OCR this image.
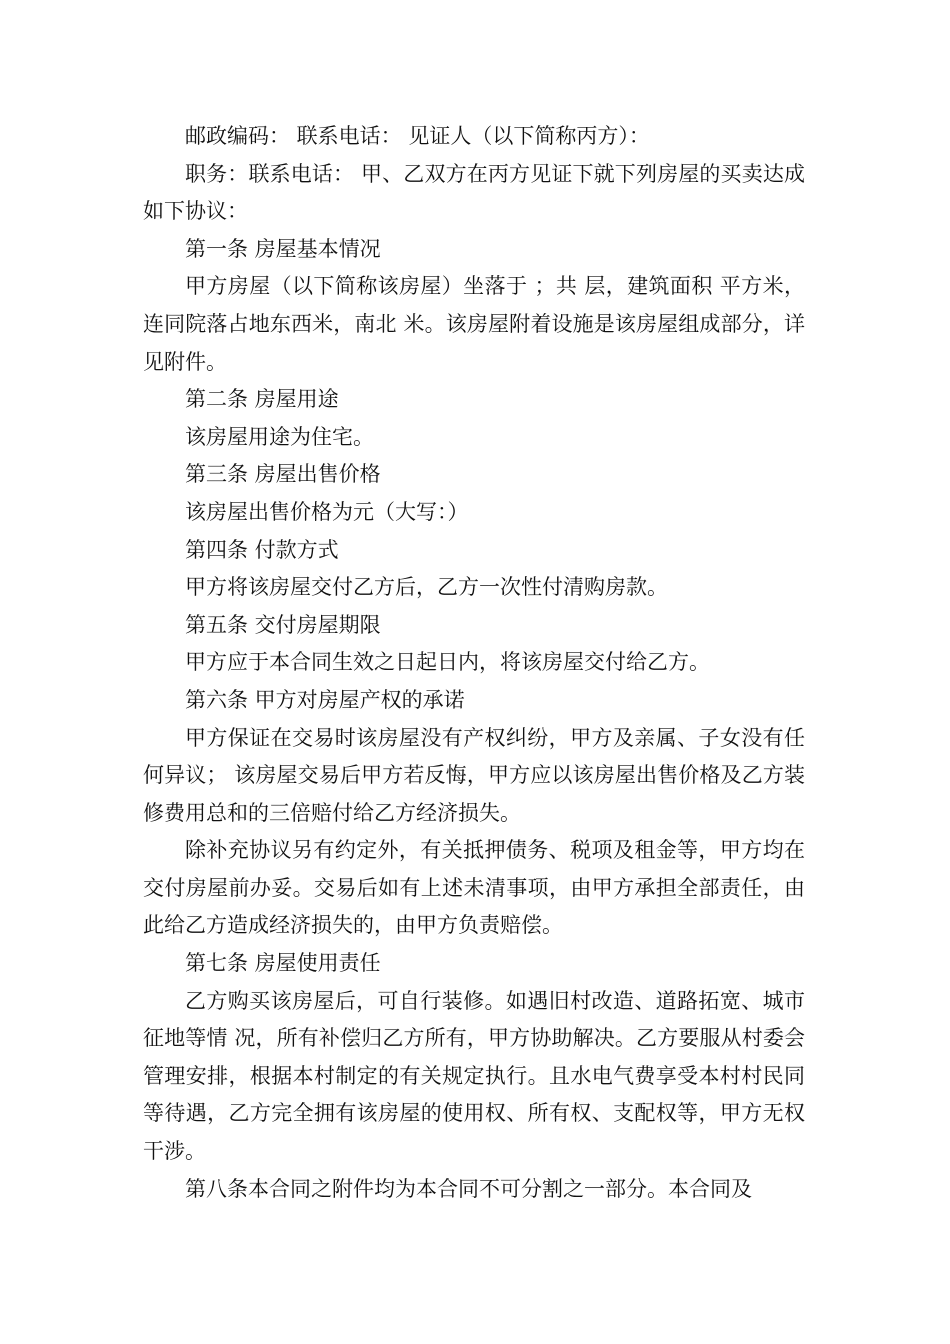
邮政编码： 联系电话： 见证人（以下简称丙方）：

职务：联系电话： 甲、乙双方在丙方见证下就下列房屋的买卖达成如下协议：

第一条 房屋基本情况

甲方房屋（以下简称该房屋）坐落于 ；共 层，建筑面积 平方米，连同院落占地东西米，南北 米。该房屋附着设施是该房屋组成部分，详见附件。

第二条 房屋用途

该房屋用途为住宅。

第三条 房屋出售价格

该房屋出售价格为元（大写：）

第四条 付款方式

甲方将该房屋交付乙方后，乙方一次性付清购房款。

第五条 交付房屋期限

甲方应于本合同生效之日起日内，将该房屋交付给乙方。

第六条 甲方对房屋产权的承诺

甲方保证在交易时该房屋没有产权纠纷，甲方及亲属、子女没有任何异议； 该房屋交易后甲方若反悔，甲方应以该房屋出售价格及乙方装修费用总和的三倍赔付给乙方经济损失。

除补充协议另有约定外，有关抵押债务、税项及租金等，甲方均在交付房屋前办妥。交易后如有上述未清事项，由甲方承担全部责任，由此给乙方造成经济损失的，由甲方负责赔偿。

第七条 房屋使用责任

乙方购买该房屋后，可自行装修。如遇旧村改造、道路拓宽、城市征地等情 况，所有补偿归乙方所有，甲方协助解决。乙方要服从村委会管理安排，根据本村制定的有关规定执行。且水电气费享受本村村民同等待遇，乙方完全拥有该房屋的使用权、所有权、支配权等，甲方无权干涉。

第八条本合同之附件均为本合同不可分割之一部分。本合同及
